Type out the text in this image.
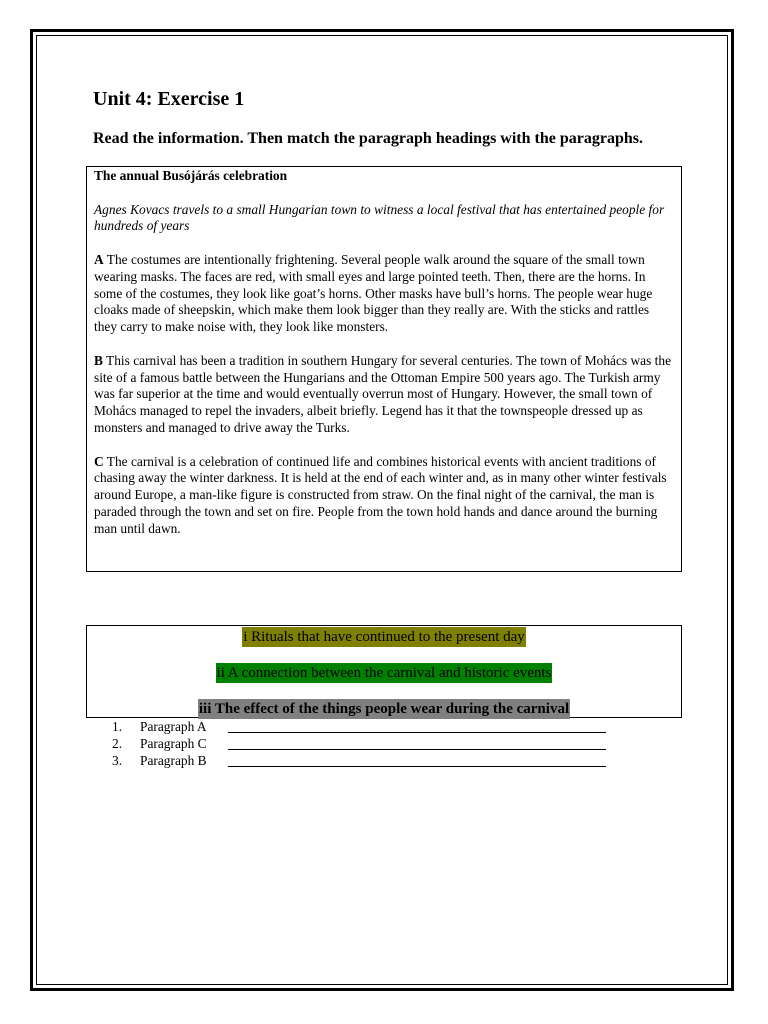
Unit 4: Exercise 1
Read the information. Then match the paragraph headings with the paragraphs.

The annual Busójárás celebration

Agnes Kovacs travels to a small Hungarian town to witness a local festival that has entertained people for hundreds of years

A The costumes are intentionally frightening. Several people walk around the square of the small town wearing masks. The faces are red, with small eyes and large pointed teeth. Then, there are the horns. In some of the costumes, they look like goat’s horns. Other masks have bull’s horns. The people wear huge cloaks made of sheepskin, which make them look bigger than they really are. With the sticks and rattles they carry to make noise with, they look like monsters.

B This carnival has been a tradition in southern Hungary for several centuries. The town of Mohács was the site of a famous battle between the Hungarians and the Ottoman Empire 500 years ago. The Turkish army was far superior at the time and would eventually overrun most of Hungary. However, the small town of Mohács managed to repel the invaders, albeit briefly. Legend has it that the townspeople dressed up as monsters and managed to drive away the Turks.

C The carnival is a celebration of continued life and combines historical events with ancient traditions of chasing away the winter darkness. It is held at the end of each winter and, as in many other winter festivals around Europe, a man-like figure is constructed from straw. On the final night of the carnival, the man is paraded through the town and set on fire. People from the town hold hands and dance around the burning man until dawn.

i Rituals that have continued to the present day
ii A connection between the carnival and historic events
iii The effect of the things people wear during the carnival
1.	Paragraph A
2.	Paragraph C
3.	Paragraph B
